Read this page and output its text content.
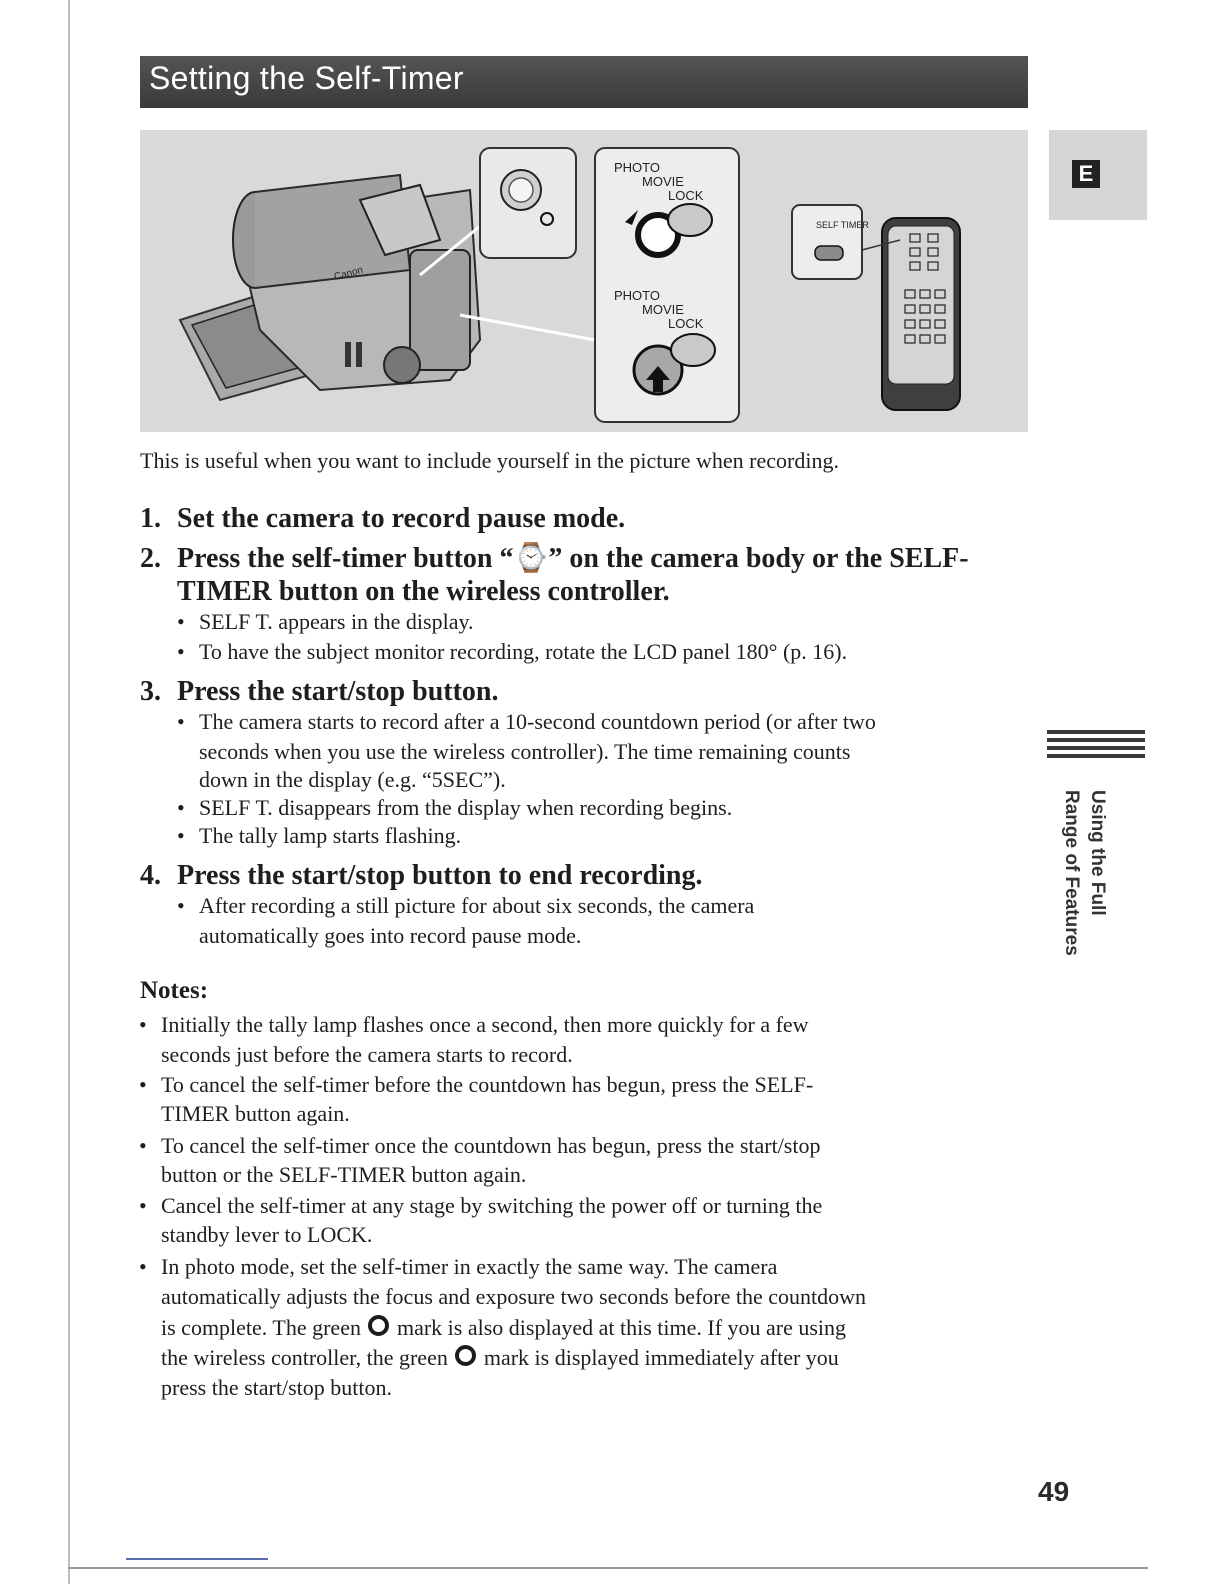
Setting the Self-Timer
Canon
PHOTO
MOVIE
LOCK
PHOTO
MOVIE
LOCK
SELF TIMER
E
Using the Full
Range of Features
49
This is useful when you want to include yourself in the picture when recording.
1. Set the camera to record pause mode.
2. Press the self-timer button “⌚” on the camera body or the SELF-
TIMER button on the wireless controller.
• SELF T. appears in the display.
• To have the subject monitor recording, rotate the LCD panel 180° (p. 16).
3. Press the start/stop button.
• The camera starts to record after a 10-second countdown period (or after two
seconds when you use the wireless controller). The time remaining counts
down in the display (e.g. “5SEC”).
• SELF T. disappears from the display when recording begins.
• The tally lamp starts flashing.
4. Press the start/stop button to end recording.
• After recording a still picture for about six seconds, the camera
automatically goes into record pause mode.
Notes:
• Initially the tally lamp flashes once a second, then more quickly for a few
seconds just before the camera starts to record.
• To cancel the self-timer before the countdown has begun, press the SELF-
TIMER button again.
• To cancel the self-timer once the countdown has begun, press the start/stop
button or the SELF-TIMER button again.
• Cancel the self-timer at any stage by switching the power off or turning the
standby lever to LOCK.
• In photo mode, set the self-timer in exactly the same way. The camera
automatically adjusts the focus and exposure two seconds before the countdown
is complete. The green mark is also displayed at this time. If you are using
the wireless controller, the green mark is displayed immediately after you
press the start/stop button.
